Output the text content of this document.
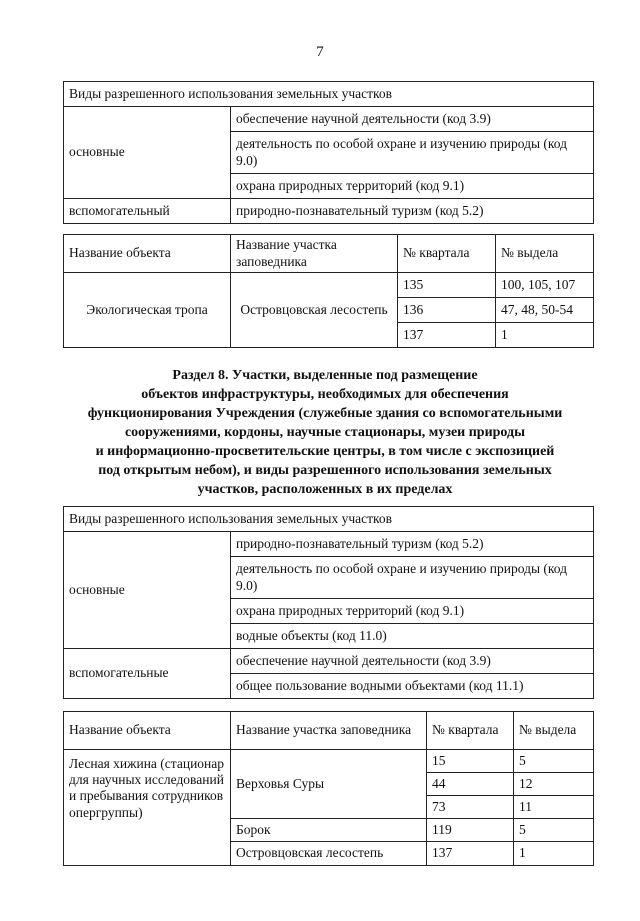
7
Виды разрешенного использования земельных участков	
основные	обеспечение научной деятельности (код 3.9)
	деятельность по особой охране и изучению природы (код 9.0)
	охрана природных территорий (код 9.1)
вспомогательный	природно-познавательный туризм (код 5.2)
Название объекта	Название участка заповедника	№ квартала	№ выдела
Экологическая тропа	Островцовская лесостепь	135	100, 105, 107
		136	47, 48, 50-54
		137	1

Раздел 8. Участки, выделенные под размещение

объектов инфраструктуры, необходимых для обеспечения

функционирования Учреждения (служебные здания со вспомогательными

сооружениями, кордоны, научные стационары, музеи природы

и информационно-просветительские центры, в том числе с экспозицией

под открытым небом), и виды разрешенного использования земельных

участков, расположенных в их пределах

Виды разрешенного использования земельных участков	
основные	природно-познавательный туризм (код 5.2)
	деятельность по особой охране и изучению природы (код 9.0)
	охрана природных территорий (код 9.1)
	водные объекты (код 11.0)
вспомогательные	обеспечение научной деятельности (код 3.9)
	общее пользование водными объектами (код 11.1)
Название объекта	Название участка заповедника	№ квартала	№ выдела
Лесная хижина (стационар для научных исследований и пребывания сотрудников опергруппы)	Верховья Суры	15	5
		44	12
		73	11
	Борок	119	5
	Островцовская лесостепь	137	1
